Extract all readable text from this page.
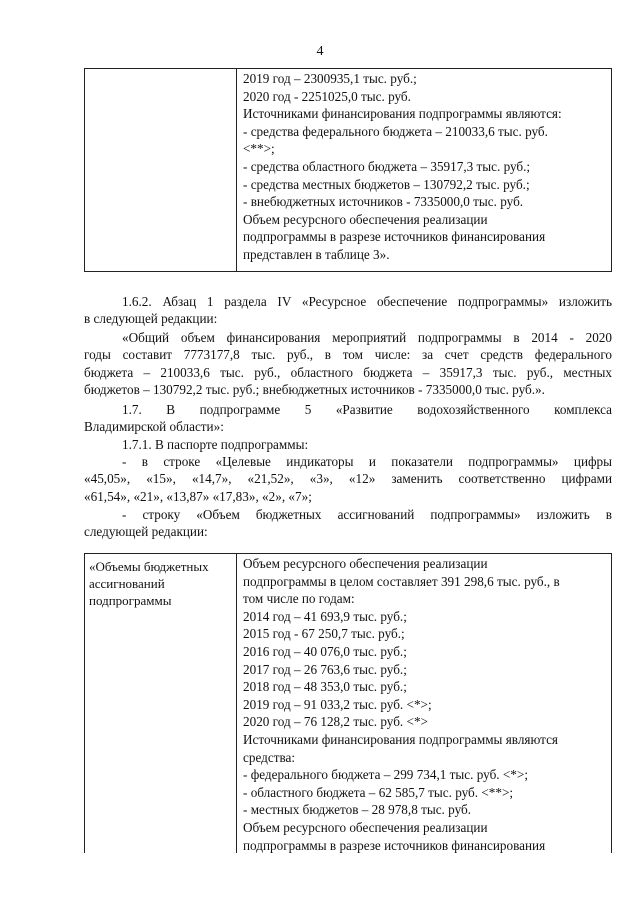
4
2019 год – 2300935,1 тыс. руб.;
2020 год - 2251025,0 тыс. руб.
Источниками финансирования подпрограммы являются:
- средства федерального бюджета – 210033,6 тыс. руб.
<**>;
- средства областного бюджета – 35917,3 тыс. руб.;
- средства местных бюджетов – 130792,2 тыс. руб.;
- внебюджетных источников - 7335000,0 тыс. руб.
Объем ресурсного обеспечения реализации
подпрограммы в разрезе источников финансирования
представлен в таблице 3».
1.6.2. Абзац 1 раздела IV «Ресурсное обеспечение подпрограммы» изложить
в следующей редакции:
«Общий объем финансирования мероприятий подпрограммы в 2014 - 2020
годы составит 7773177,8 тыс. руб., в том числе: за счет средств федерального
бюджета – 210033,6 тыс. руб., областного бюджета – 35917,3 тыс. руб., местных
бюджетов – 130792,2 тыс. руб.; внебюджетных источников - 7335000,0 тыс. руб.».
1.7. В подпрограмме 5 «Развитие водохозяйственного комплекса
Владимирской области»:
1.7.1. В паспорте подпрограммы:
- в строке «Целевые индикаторы и показатели подпрограммы» цифры
«45,05», «15», «14,7», «21,52», «3», «12» заменить соответственно цифрами
«61,54», «21», «13,87» «17,83», «2», «7»;
- строку «Объем бюджетных ассигнований подпрограммы» изложить в
следующей редакции:
«Объемы бюджетных
ассигнований
подпрограммы
Объем ресурсного обеспечения реализации
подпрограммы в целом составляет 391 298,6 тыс. руб., в
том числе по годам:
2014 год – 41 693,9 тыс. руб.;
2015 год - 67 250,7 тыс. руб.;
2016 год – 40 076,0 тыс. руб.;
2017 год – 26 763,6 тыс. руб.;
2018 год – 48 353,0 тыс. руб.;
2019 год – 91 033,2 тыс. руб. <*>;
2020 год – 76 128,2 тыс. руб. <*>
Источниками финансирования подпрограммы являются
средства:
- федерального бюджета – 299 734,1 тыс. руб. <*>;
- областного бюджета – 62 585,7 тыс. руб. <**>;
- местных бюджетов – 28 978,8 тыс. руб.
Объем ресурсного обеспечения реализации
подпрограммы в разрезе источников финансирования
